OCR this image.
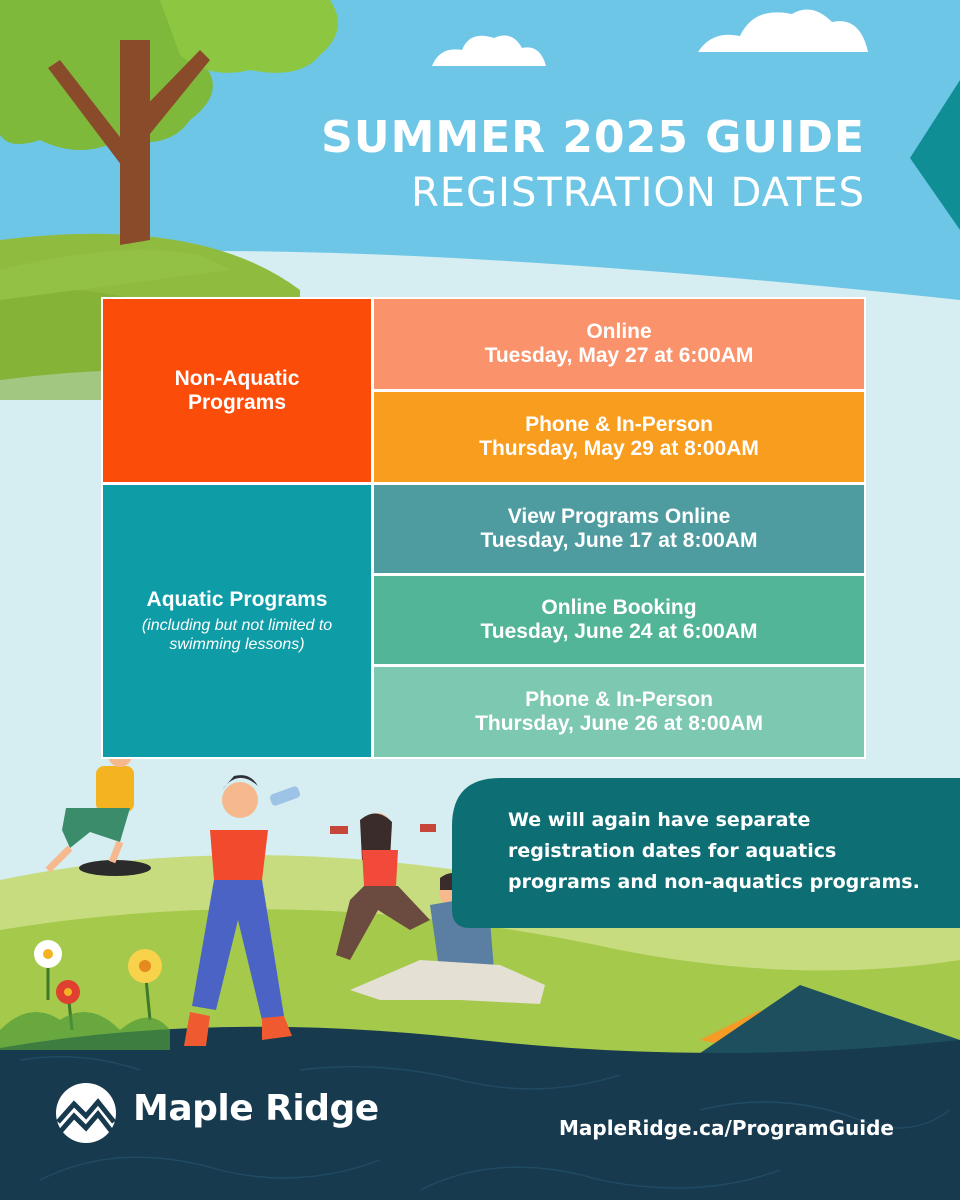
SUMMER 2025 GUIDE
REGISTRATION DATES
Non-Aquatic Programs
Online
Tuesday, May 27 at 6:00AM
Phone & In-Person
Thursday, May 29 at 8:00AM
Aquatic Programs
(including but not limited to swimming lessons)
View Programs Online
Tuesday, June 17 at 8:00AM
Online Booking
Tuesday, June 24 at 6:00AM
Phone & In-Person
Thursday, June 26 at 8:00AM
We will again have separate registration dates for aquatics programs and non-aquatics programs.
Maple Ridge	MapleRidge.ca/ProgramGuide
